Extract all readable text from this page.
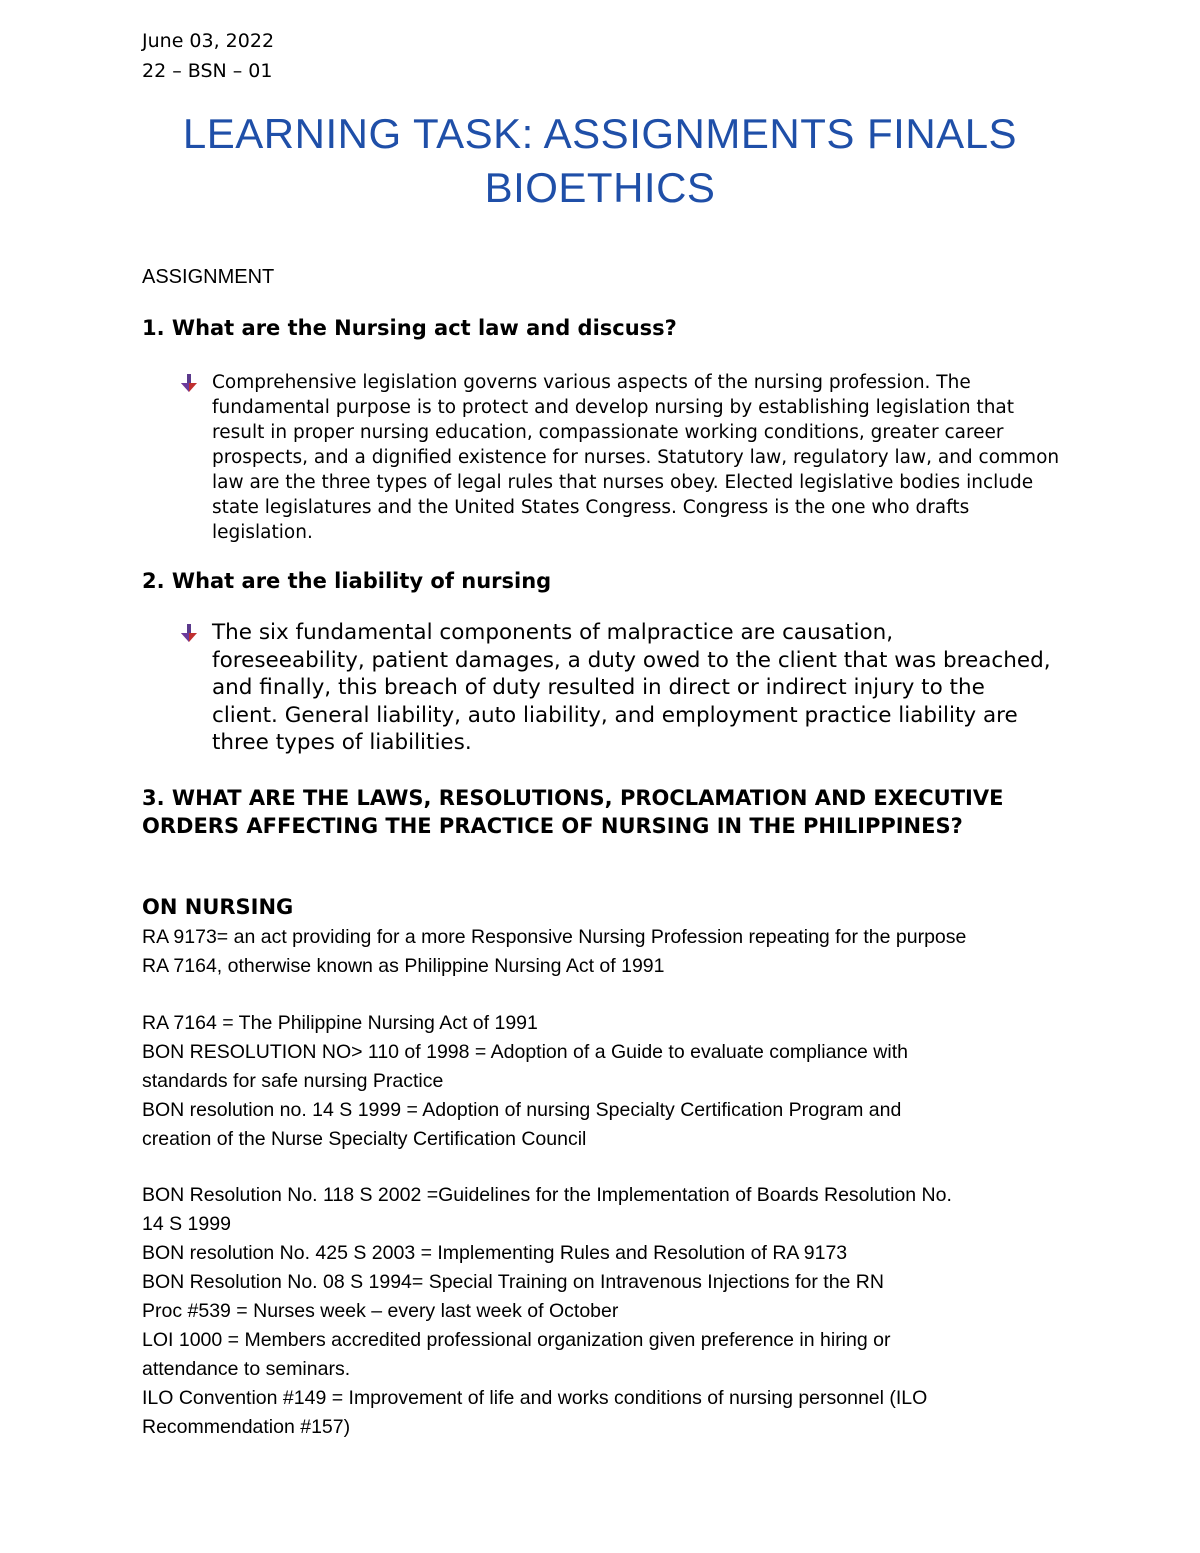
June 03, 2022
22 – BSN – 01
LEARNING TASK: ASSIGNMENTS FINALS
BIOETHICS
ASSIGNMENT
1. What are the Nursing act law and discuss?
Comprehensive legislation governs various aspects of the nursing profession. The fundamental purpose is to protect and develop nursing by establishing legislation that result in proper nursing education, compassionate working conditions, greater career prospects, and a dignified existence for nurses. Statutory law, regulatory law, and common law are the three types of legal rules that nurses obey. Elected legislative bodies include state legislatures and the United States Congress. Congress is the one who drafts legislation.
2. What are the liability of nursing
The six fundamental components of malpractice are causation, foreseeability, patient damages, a duty owed to the client that was breached, and finally, this breach of duty resulted in direct or indirect injury to the client. General liability, auto liability, and employment practice liability are three types of liabilities.
3. WHAT ARE THE LAWS, RESOLUTIONS, PROCLAMATION AND EXECUTIVE ORDERS AFFECTING THE PRACTICE OF NURSING IN THE PHILIPPINES?
ON NURSING
RA 9173= an act providing for a more Responsive Nursing Profession repeating for the purpose
RA 7164, otherwise known as Philippine Nursing Act of 1991
RA 7164 = The Philippine Nursing Act of 1991
BON RESOLUTION NO> 110 of 1998 = Adoption of a Guide to evaluate compliance with
standards for safe nursing Practice
BON resolution no. 14 S 1999 = Adoption of nursing Specialty Certification Program and
creation of the Nurse Specialty Certification Council
BON Resolution No. 118 S 2002 =Guidelines for the Implementation of Boards Resolution No.
14 S 1999
BON resolution No. 425 S 2003 = Implementing Rules and Resolution of RA 9173
BON Resolution No. 08 S 1994= Special Training on Intravenous Injections for the RN
Proc #539 = Nurses week – every last week of October
LOI 1000 = Members accredited professional organization given preference in hiring or
attendance to seminars.
ILO Convention #149 = Improvement of life and works conditions of nursing personnel (ILO
Recommendation #157)
